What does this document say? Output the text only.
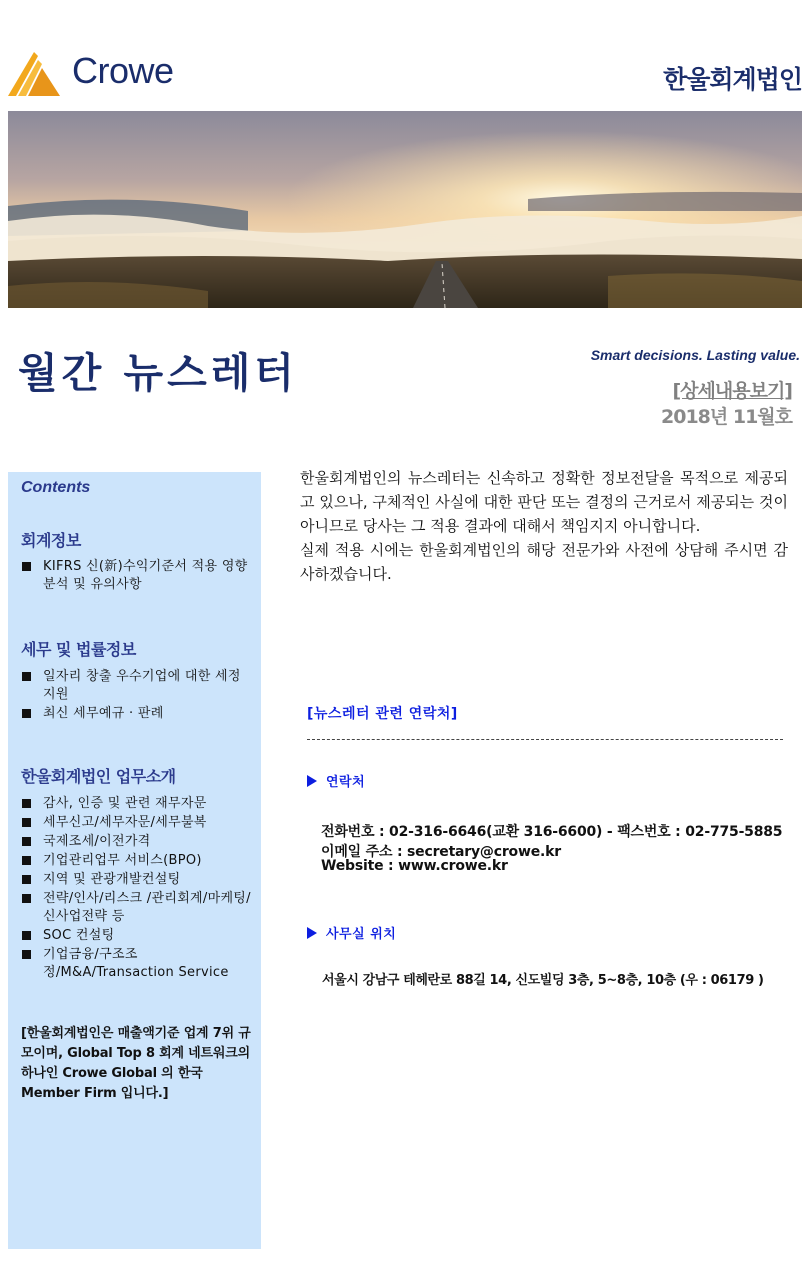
Crowe	한울회계법인
월간 뉴스레터	Smart decisions. Lasting value.
[상세내용보기]
2018년 11월호
Contents
회계정보
KIFRS 신(新)수익기준서 적용 영향 분석 및 유의사항
세무 및 법률정보
일자리 창출 우수기업에 대한 세정지원
최신 세무예규 · 판례
한울회계법인 업무소개
감사, 인증 및 관련 재무자문
세무신고/세무자문/세무불복
국제조세/이전가격
기업관리업무 서비스(BPO)
지역 및 관광개발컨설팅
전략/인사/리스크 /관리회계/마케팅/신사업전략 등
SOC 컨설팅
기업금융/구조조정/M&A/Transaction Service
[한울회계법인은 매출액기준 업계 7위 규모이며, Global Top 8 회계 네트워크의 하나인 Crowe Global 의 한국 Member Firm 입니다.]

한울회계법인의 뉴스레터는 신속하고 정확한 정보전달을 목적으로 제공되고 있으나, 구체적인 사실에 대한 판단 또는 결정의 근거로서 제공되는 것이 아니므로 당사는 그 적용 결과에 대해서 책임지지 아니합니다.

실제 적용 시에는 한울회계법인의 해당 전문가와 사전에 상담해 주시면 감사하겠습니다.

[뉴스레터 관련 연락처]
연락처
전화번호 : 02-316-6646(교환 316-6600) - 팩스번호 : 02-775-5885
이메일 주소 : secretary@crowe.kr
Website : www.crowe.kr
사무실 위치
서울시 강남구 테헤란로 88길 14, 신도빌딩 3층, 5~8층, 10층 (우 : 06179 )
